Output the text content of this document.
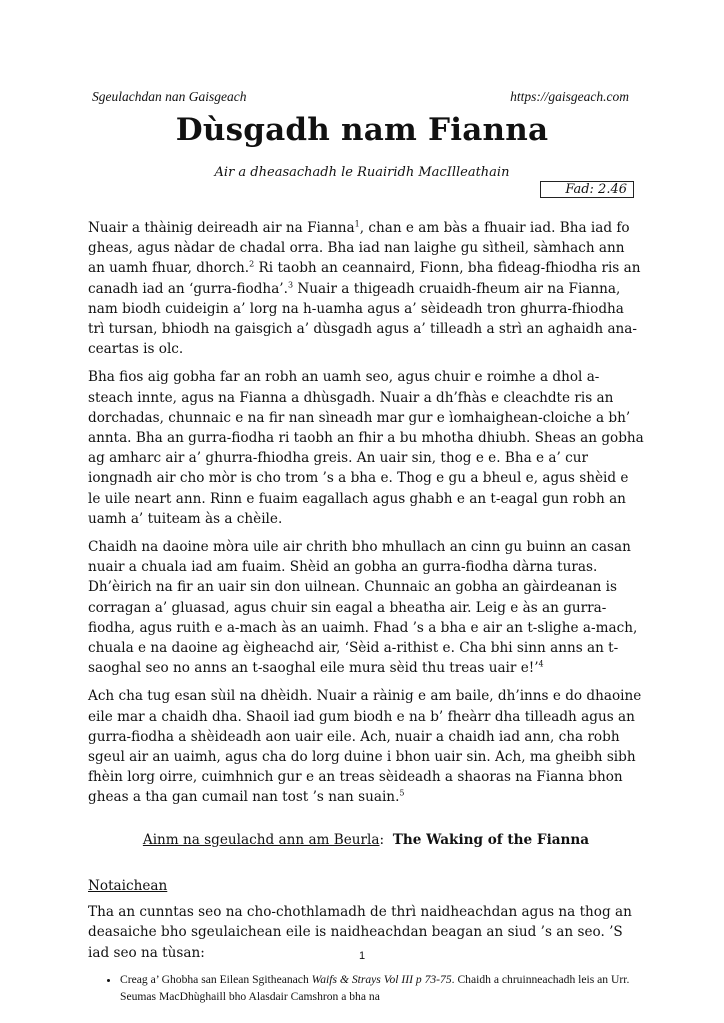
Sgeulachdan nan Gaisgeach	https://gaisgeach.com
Dùsgadh nam Fianna
Air a dheasachadh le Ruairidh MacIlleathain
Fad: 2.46

Nuair a thàinig deireadh air na Fianna$^1$, chan e am bàs a fhuair iad. Bha iad fo gheas, agus nàdar de chadal orra. Bha iad nan laighe gu sìtheil, sàmhach ann an uamh fhuar, dhorch.$^2$ Ri taobh an ceannaird, Fionn, bha fìdeag-fhiodha ris an canadh iad an ‘gurra-fiodha’.$^3$ Nuair a thigeadh cruaidh-fheum air na Fianna, nam biodh cuideigin a’ lorg na h-uamha agus a’ sèideadh tron ghurra-fhiodha trì tursan, bhiodh na gaisgich a’ dùsgadh agus a’ tilleadh a strì an aghaidh ana-ceartas is olc.

Bha fios aig gobha far an robh an uamh seo, agus chuir e roimhe a dhol a-steach innte, agus na Fianna a dhùsgadh. Nuair a dh’fhàs e cleachdte ris an dorchadas, chunnaic e na fir nan sìneadh mar gur e ìomhaighean-cloiche a bh’ annta. Bha an gurra-fiodha ri taobh an fhir a bu mhotha dhiubh. Sheas an gobha ag amharc air a’ ghurra-fhiodha greis. An uair sin, thog e e. Bha e a’ cur iongnadh air cho mòr is cho trom ’s a bha e. Thog e gu a bheul e, agus shèid e le uile neart ann. Rinn e fuaim eagallach agus ghabh e an t-eagal gun robh an uamh a’ tuiteam às a chèile.

Chaidh na daoine mòra uile air chrith bho mhullach an cinn gu buinn an casan nuair a chuala iad am fuaim. Shèid an gobha an gurra-fiodha dàrna turas. Dh’èirich na fir an uair sin don uilnean. Chunnaic an gobha an gàirdeanan is corragan a’ gluasad, agus chuir sin eagal a bheatha air. Leig e às an gurra-fiodha, agus ruith e a-mach às an uaimh. Fhad ’s a bha e air an t-slighe a-mach, chuala e na daoine ag èigheachd air, ‘Sèid a-rithist e. Cha bhi sinn anns an t-saoghal seo no anns an t-saoghal eile mura sèid thu treas uair e!’$^4$

Ach cha tug esan sùil na dhèidh. Nuair a ràinig e am baile, dh’inns e do dhaoine eile mar a chaidh dha. Shaoil iad gum biodh e na b’ fheàrr dha tilleadh agus an gurra-fiodha a shèideadh aon uair eile. Ach, nuair a chaidh iad ann, cha robh sgeul air an uaimh, agus cha do lorg duine i bhon uair sin. Ach, ma gheibh sibh fhèin lorg oirre, cuimhnich gur e an treas sèideadh a shaoras na Fianna bhon gheas a tha gan cumail nan tost ’s nan suain.$^5$

Ainm na sgeulachd ann am Beurla: The Waking of the Fianna
Notaichean

Tha an cunntas seo na cho-chothlamadh de thrì naidheachdan agus na thog an deasaiche bho sgeulaichean eile is naidheachdan beagan an siud ’s an seo. ’S iad seo na tùsan:

• Creag a’ Ghobha san Eilean Sgitheanach Waifs & Strays Vol III p 73-75. Chaidh a chruinneachadh leis an Urr. Seumas MacDhùghaill bho Alasdair Camshron a bha na
1
